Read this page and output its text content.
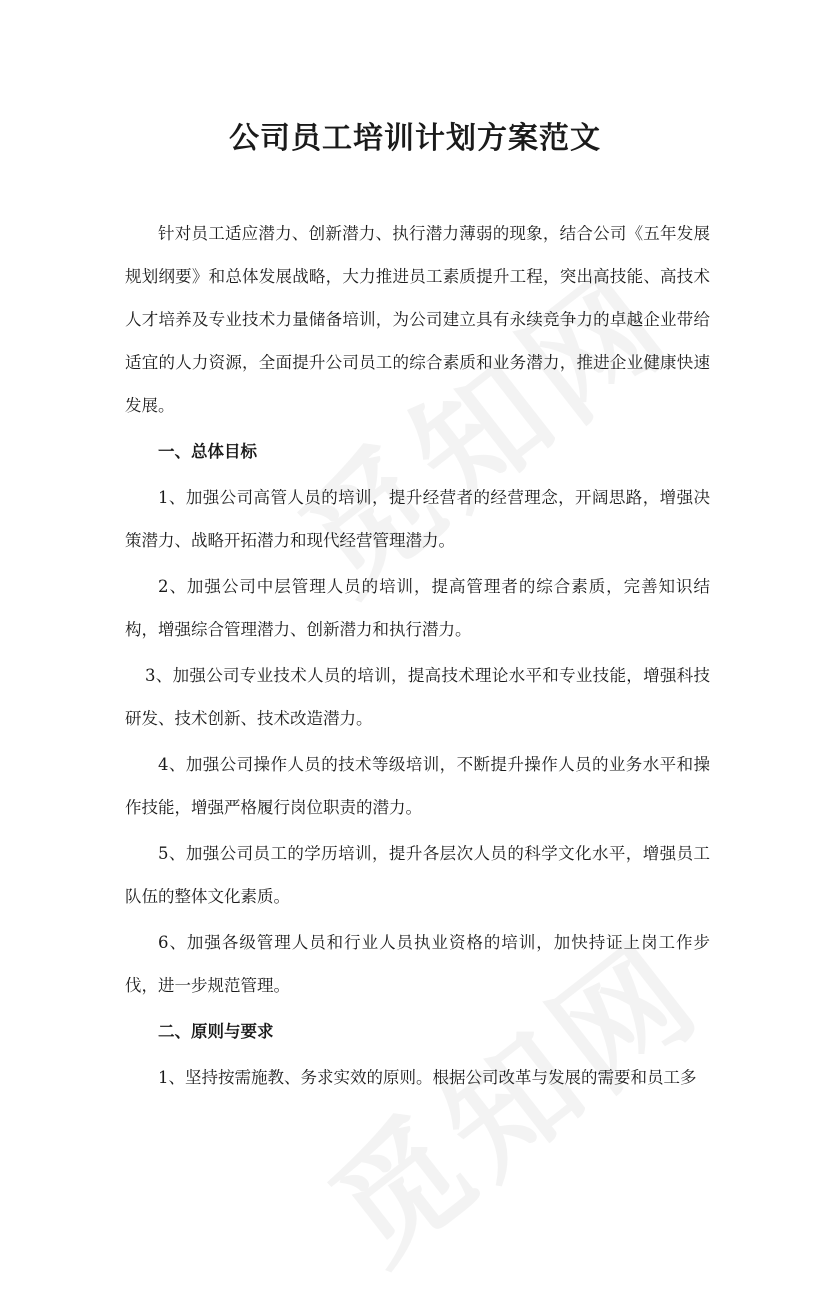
公司员工培训计划方案范文

针对员工适应潜力、创新潜力、执行潜力薄弱的现象，结合公司《五年发展规划纲要》和总体发展战略，大力推进员工素质提升工程，突出高技能、高技术人才培养及专业技术力量储备培训，为公司建立具有永续竞争力的卓越企业带给适宜的人力资源，全面提升公司员工的综合素质和业务潜力，推进企业健康快速发展。

一、总体目标

1、加强公司高管人员的培训，提升经营者的经营理念，开阔思路，增强决策潜力、战略开拓潜力和现代经营管理潜力。

2、加强公司中层管理人员的培训，提高管理者的综合素质，完善知识结构，增强综合管理潜力、创新潜力和执行潜力。

3、加强公司专业技术人员的培训，提高技术理论水平和专业技能，增强科技研发、技术创新、技术改造潜力。

4、加强公司操作人员的技术等级培训，不断提升操作人员的业务水平和操作技能，增强严格履行岗位职责的潜力。

5、加强公司员工的学历培训，提升各层次人员的科学文化水平，增强员工队伍的整体文化素质。

6、加强各级管理人员和行业人员执业资格的培训，加快持证上岗工作步伐，进一步规范管理。

二、原则与要求

1、坚持按需施教、务求实效的原则。根据公司改革与发展的需要和员工多
